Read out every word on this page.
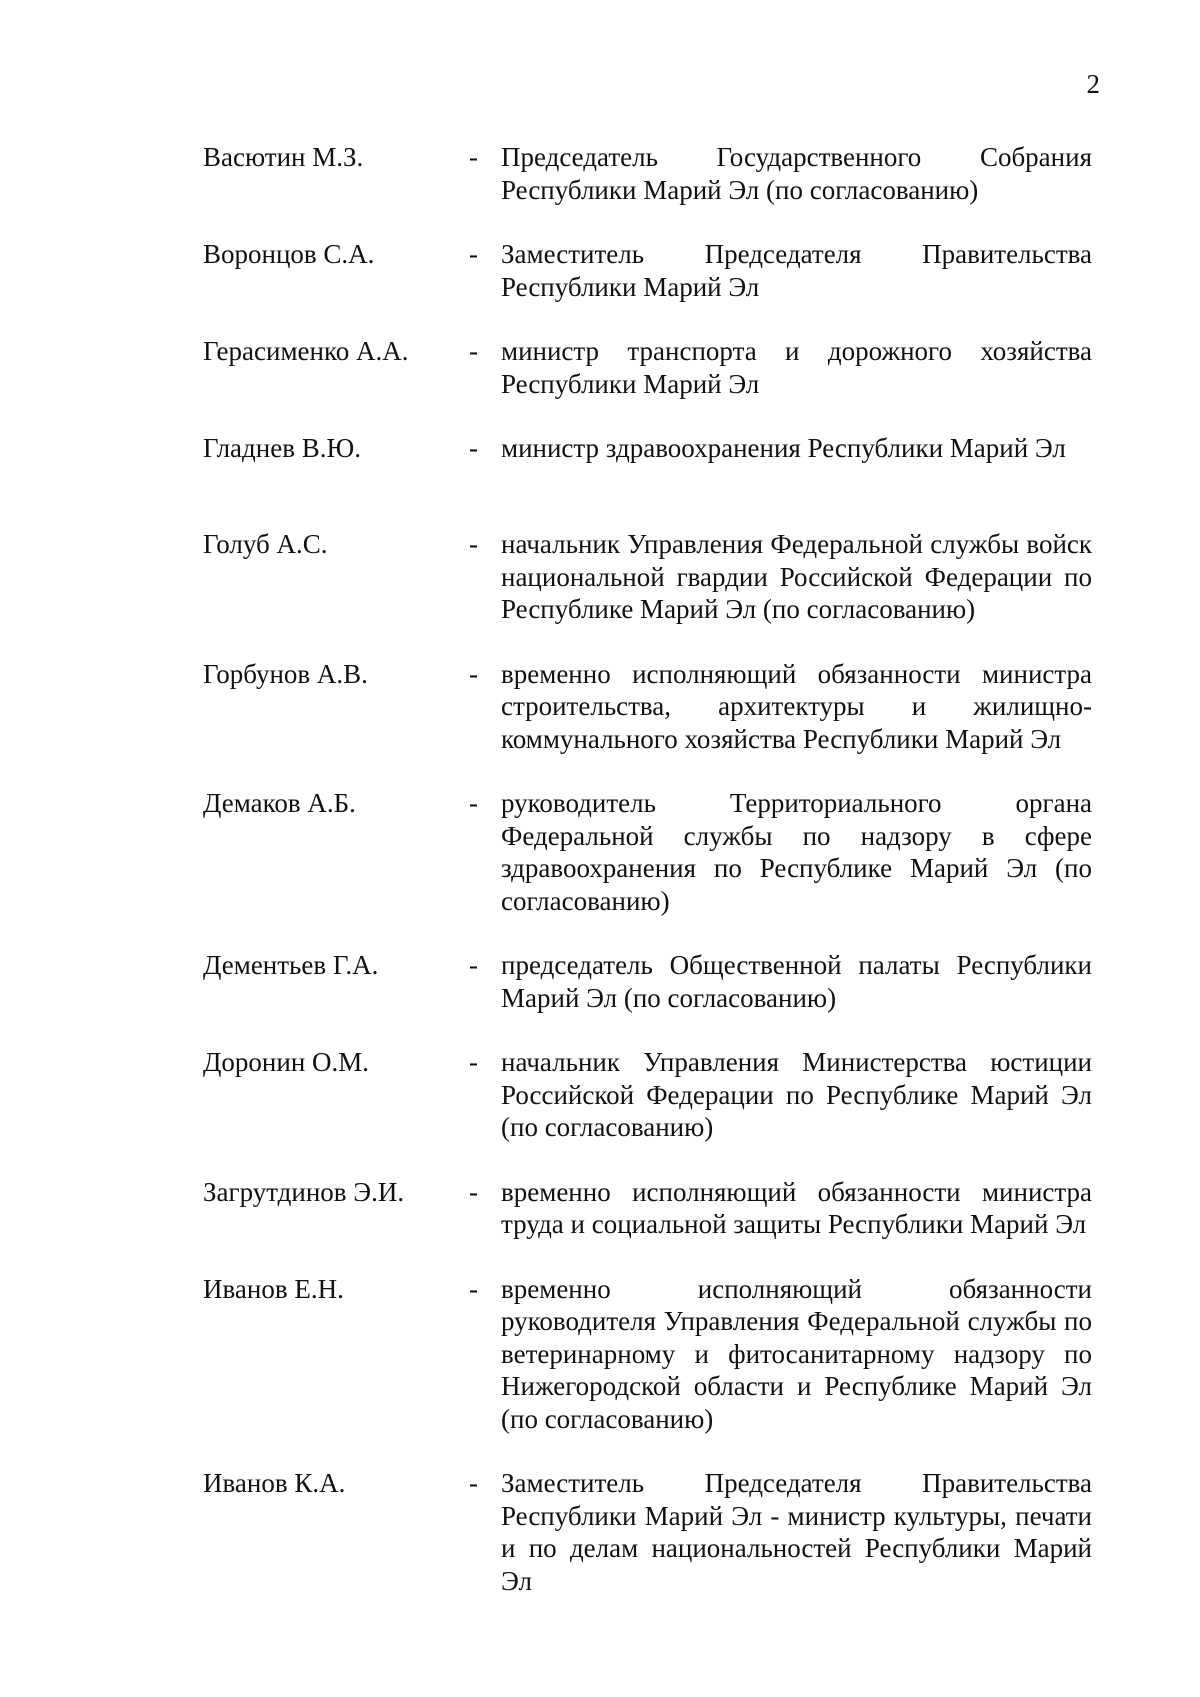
2
Васютин М.З.	- Председатель Государственного Собрания Республики Марий Эл (по согласованию)
Воронцов С.А.	- Заместитель Председателя Правительства Республики Марий Эл
Герасименко А.А.	- министр транспорта и дорожного хозяйства Республики Марий Эл
Гладнев В.Ю.	- министр здравоохранения Республики Марий Эл
Голуб А.С.	- начальник Управления Федеральной службы войск национальной гвардии Российской Федерации по Республике Марий Эл (по согласованию)
Горбунов А.В.	- временно исполняющий обязанности министра строительства, архитектуры и жилищно-коммунального хозяйства Республики Марий Эл
Демаков А.Б.	- руководитель Территориального органа Федеральной службы по надзору в сфере здравоохранения по Республике Марий Эл (по согласованию)
Дементьев Г.А.	- председатель Общественной палаты Республики Марий Эл (по согласованию)
Доронин О.М.	- начальник Управления Министерства юстиции Российской Федерации по Республике Марий Эл (по согласованию)
Загрутдинов Э.И.	- временно исполняющий обязанности министра труда и социальной защиты Республики Марий Эл
Иванов Е.Н.	- временно исполняющий обязанности руководителя Управления Федеральной службы по ветеринарному и фитосанитарному надзору по Нижегородской области и Республике Марий Эл (по согласованию)
Иванов К.А.	- Заместитель Председателя Правительства Республики Марий Эл - министр культуры, печати и по делам национальностей Республики Марий Эл
